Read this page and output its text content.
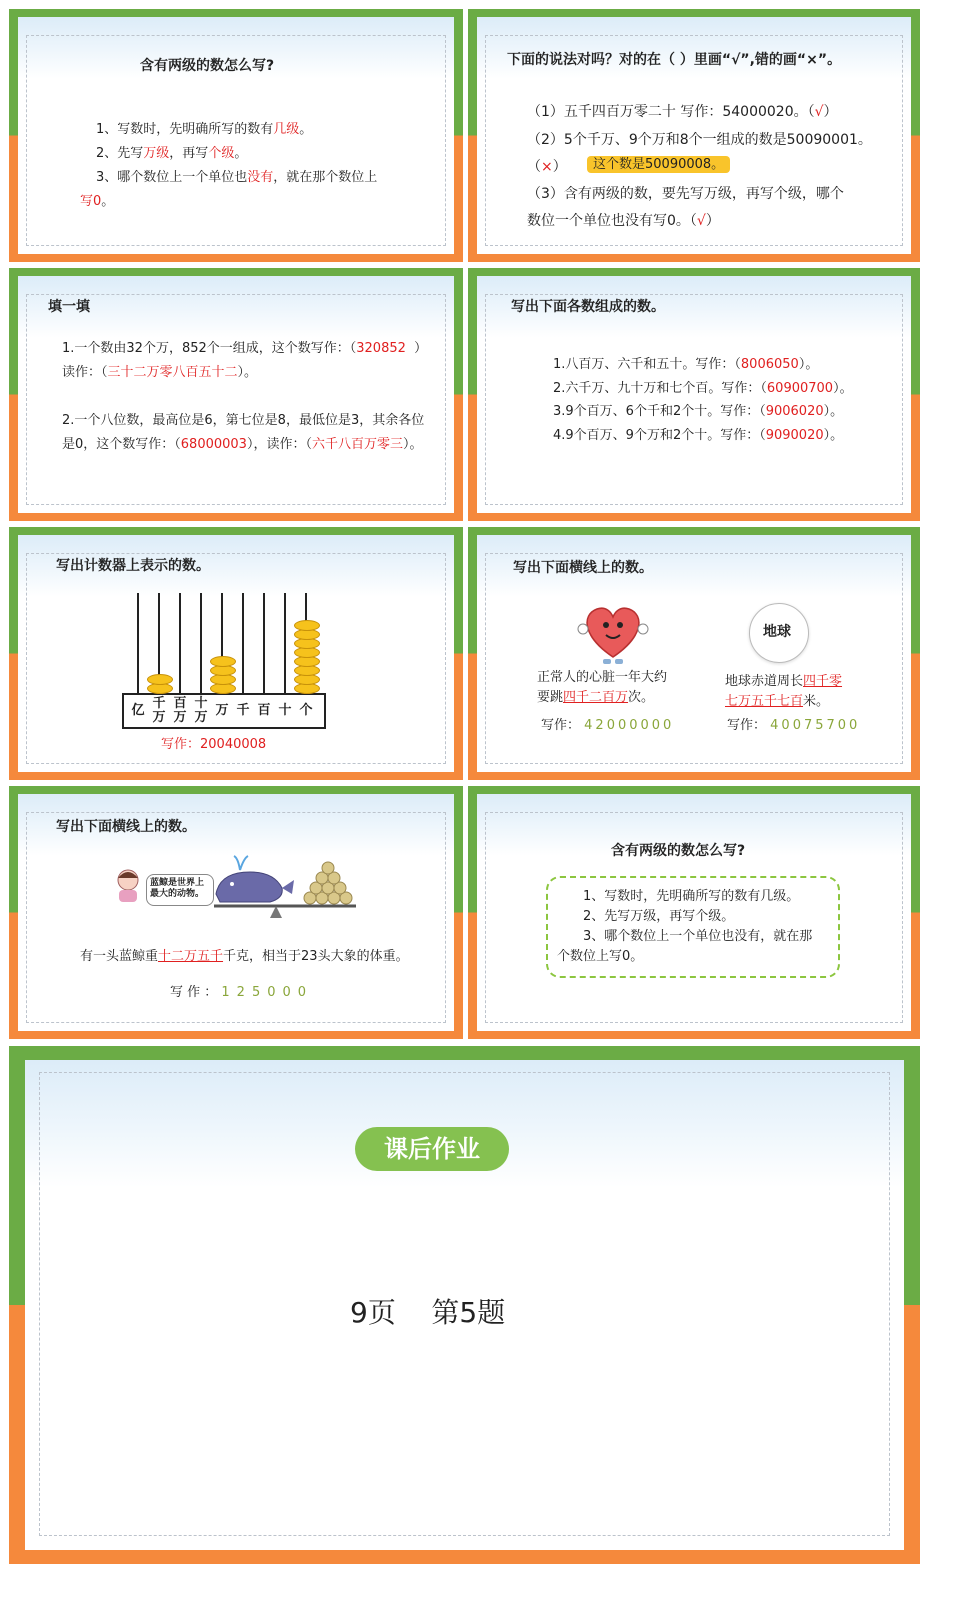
含有两级的数怎么写?
1、写数时，先明确所写的数有几级。
2、先写万级，再写个级。
3、哪个数位上一个单位也没有，就在那个数位上
写0。
下面的说法对吗？对的在（ ）里画“√”,错的画“×”。
（1）五千四百万零二十 写作：54000020。（√）
（2）5个千万、9个万和8个一组成的数是50090001。
（×）	这个数是50090008。
（3）含有两级的数，要先写万级，再写个级，哪个
数位一个单位也没有写0。（√）
填一填
1.一个数由32个万，852个一组成，这个数写作：（320852 ）
读作：（三十二万零八百五十二）。
2.一个八位数，最高位是6，第七位是8，最低位是3，其余各位
是0，这个数写作：（68000003），读作：（六千八百万零三）。
写出下面各数组成的数。
1.八百万、六千和五十。写作：（8006050）。
2.六千万、九十万和七个百。写作：（60900700）。
3.9个百万、6个千和2个十。写作：（9006020）。
4.9个百万、9个万和2个十。写作：（9090020）。
写出计数器上表示的数。
亿 千
万
百
万
十
万 万 千 百 十 个
写作：20040008
写出下面横线上的数。
正常人的心脏一年大约
要跳四千二百万次。
写作： 42000000
地球
地球赤道周长四千零
七万五千七百米。
写作： 40075700
写出下面横线上的数。
蓝鲸是世界上最大的动物。
有一头蓝鲸重十二万五千千克，相当于23头大象的体重。
写 作 ： 125000
含有两级的数怎么写?
1、写数时，先明确所写的数有几级。
2、先写万级，再写个级。
3、哪个数位上一个单位也没有，就在那
个数位上写0。
课后作业
9页    第5题
